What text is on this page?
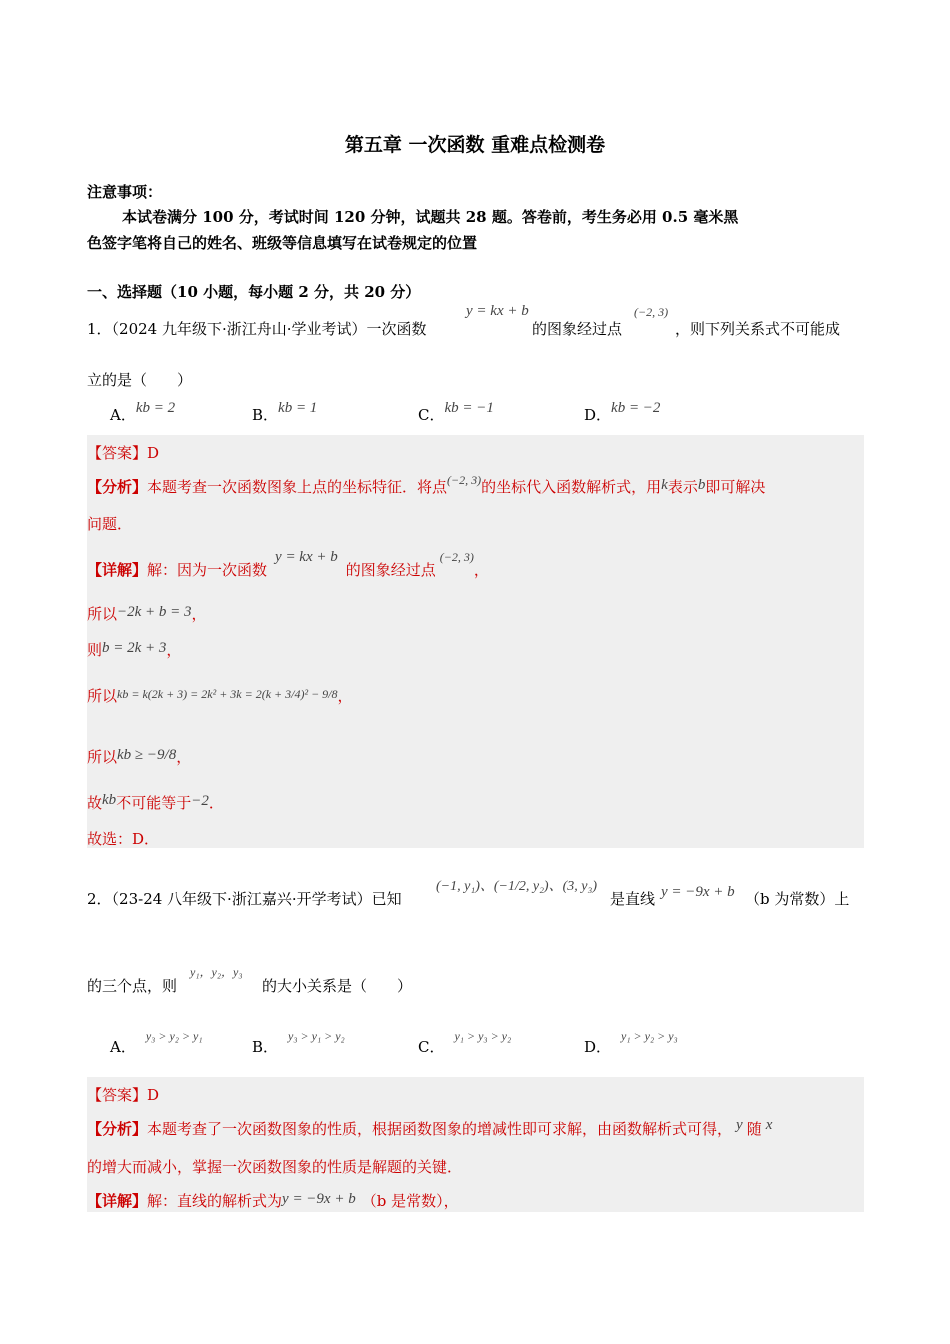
第五章 一次函数 重难点检测卷
注意事项：
本试卷满分 100 分，考试时间 120 分钟，试题共 28 题。答卷前，考生务必用 0.5 毫米黑
色签字笔将自己的姓名、班级等信息填写在试卷规定的位置
一、选择题（10 小题，每小题 2 分，共 20 分）
1．（2024 九年级下·浙江舟山·学业考试）一次函数
y = kx + b
的图象经过点
(−2, 3)
，则下列关系式不可能成
立的是（　　）
A．kb = 2	B．kb = 1	C．kb = −1	D．kb = −2
【答案】D
【分析】本题考查一次函数图象上点的坐标特征．将点$^{(-2, 3)}$的坐标代入函数解析式，用k表示b即可解决
问题．
【详解】解：因为一次函数y = kx + b的图象经过点$^{(-2, 3)}$，
所以−2k + b = 3，
则b = 2k + 3，
所以$^{kb = k(2k + 3) = 2k^2 + 3k = 2(k + 3/4)^2 - 9/8}$，
所以kb ≥ −9/8，
故kb不可能等于−2．
故选：D．
2．（23-24 八年级下·浙江嘉兴·开学考试）已知
(−1, y₁)、(−1/2, y₂)、(3, y₃)
是直线 y = −9x + b （b 为常数）上
的三个点，则
y₁，y₂，y₃
的大小关系是（　　）
A．$^{y_3 > y_2 > y_1}$
B．$^{y_3 > y_1 > y_2}$
C．$^{y_1 > y_3 > y_2}$
D．$^{y_1 > y_2 > y_3}$
【答案】D
【分析】本题考查了一次函数图象的性质，根据函数图象的增减性即可求解，由函数解析式可得， y 随 x
的增大而减小，掌握一次函数图象的性质是解题的关键．
【详解】解：直线的解析式为y = −9x + b （b 是常数），
